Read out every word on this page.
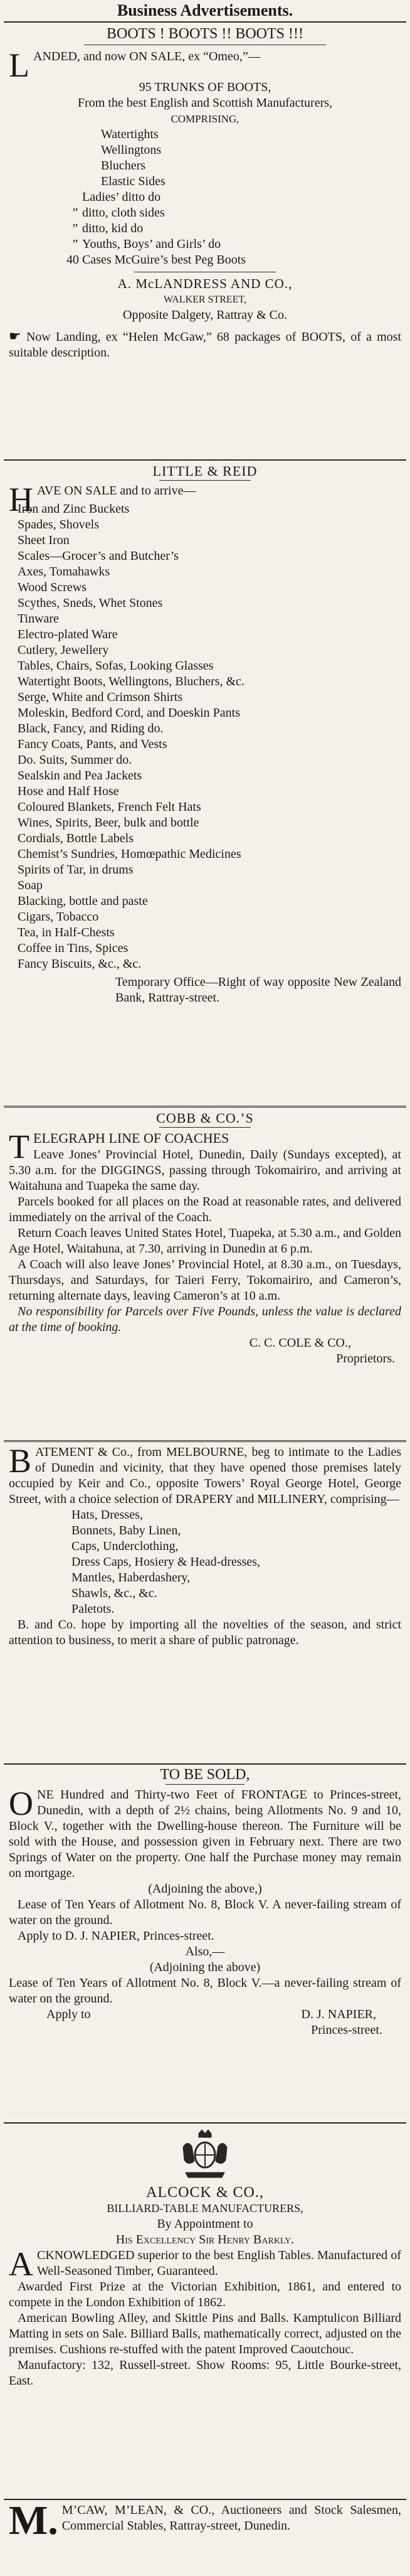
Business Advertisements.
BOOTS ! BOOTS !! BOOTS !!!
L ANDED, and now ON SALE, ex “Omeo,”—
95 TRUNKS OF BOOTS,
From the best English and Scottish Manufacturers,
COMPRISING,
Watertights
Wellingtons
Bluchers
Elastic Sides
Ladies’ ditto do
” ditto, cloth sides
” ditto, kid do
” Youths, Boys’ and Girls’ do
40 Cases McGuire’s best Peg Boots
A. McLANDRESS AND CO.,
WALKER STREET,
Opposite Dalgety, Rattray & Co.
☛ Now Landing, ex “Helen McGaw,” 68 packages of BOOTS, of a most suitable description.
LITTLE & REID
H AVE ON SALE and to arrive—
Iron and Zinc Buckets
Spades, Shovels
Sheet Iron
Scales—Grocer’s and Butcher’s
Axes, Tomahawks
Wood Screws
Scythes, Sneds, Whet Stones
Tinware
Electro-plated Ware
Cutlery, Jewellery
Tables, Chairs, Sofas, Looking Glasses
Watertight Boots, Wellingtons, Bluchers, &c.
Serge, White and Crimson Shirts
Moleskin, Bedford Cord, and Doeskin Pants
Black, Fancy, and Riding do.
Fancy Coats, Pants, and Vests
Do. Suits, Summer do.
Sealskin and Pea Jackets
Hose and Half Hose
Coloured Blankets, French Felt Hats
Wines, Spirits, Beer, bulk and bottle
Cordials, Bottle Labels
Chemist’s Sundries, Homœpathic Medicines
Spirits of Tar, in drums
Soap
Blacking, bottle and paste
Cigars, Tobacco
Tea, in Half-Chests
Coffee in Tins, Spices
Fancy Biscuits, &c., &c.
Temporary Office—Right of way opposite New Zealand Bank, Rattray-street.
COBB & CO.’S
T ELEGRAPH LINE OF COACHES
Leave Jones’ Provincial Hotel, Dunedin, Daily (Sundays excepted), at 5.30 a.m. for the DIGGINGS, passing through Tokomairiro, and arriving at Waitahuna and Tuapeka the same day.
Parcels booked for all places on the Road at reasonable rates, and delivered immediately on the arrival of the Coach.
Return Coach leaves United States Hotel, Tuapeka, at 5.30 a.m., and Golden Age Hotel, Waitahuna, at 7.30, arriving in Dunedin at 6 p.m.
A Coach will also leave Jones’ Provincial Hotel, at 8.30 a.m., on Tuesdays, Thursdays, and Saturdays, for Taieri Ferry, Tokomairiro, and Cameron’s, returning alternate days, leaving Cameron’s at 10 a.m.
No responsibility for Parcels over Five Pounds, unless the value is declared at the time of booking.
C. C. COLE & CO.,
Proprietors.
B ATEMENT & Co., from MELBOURNE, beg to intimate to the Ladies of Dunedin and vicinity, that they have opened those premises lately occupied by Keir and Co., opposite Towers’ Royal George Hotel, George Street, with a choice selection of DRAPERY and MILLINERY, comprising—
Hats, Dresses,
Bonnets, Baby Linen,
Caps, Underclothing,
Dress Caps, Hosiery & Head-dresses,
Mantles, Haberdashery,
Shawls, &c., &c.
Paletots.
B. and Co. hope by importing all the novelties of the season, and strict attention to business, to merit a share of public patronage.
TO BE SOLD,
O NE Hundred and Thirty-two Feet of FRONTAGE to Princes-street, Dunedin, with a depth of 2½ chains, being Allotments No. 9 and 10, Block V., together with the Dwelling-house thereon. The Furniture will be sold with the House, and possession given in February next. There are two Springs of Water on the property. One half the Purchase money may remain on mortgage.
(Adjoining the above,)
Lease of Ten Years of Allotment No. 8, Block V. A never-failing stream of water on the ground.
Apply to D. J. NAPIER, Princes-street.
Also,—
(Adjoining the above)
Lease of Ten Years of Allotment No. 8, Block V.—a never-failing stream of water on the ground.
Apply to	D. J. NAPIER,
Princes-street.
ALCOCK & CO.,
BILLIARD-TABLE MANUFACTURERS,
By Appointment to
His Excellency Sir Henry Barkly.
A CKNOWLEDGED superior to the best English Tables. Manufactured of Well-Seasoned Timber, Guaranteed.
Awarded First Prize at the Victorian Exhibition, 1861, and entered to compete in the London Exhibition of 1862.
American Bowling Alley, and Skittle Pins and Balls. Kamptulicon Billiard Matting in sets on Sale. Billiard Balls, mathematically correct, adjusted on the premises. Cushions re-stuffed with the patent Improved Caoutchouc.
Manufactory: 132, Russell-street. Show Rooms: 95, Little Bourke-street, East.
M. M’CAW, M’LEAN, & CO., Auctioneers and Stock Salesmen, Commercial Stables, Rattray-street, Dunedin.
